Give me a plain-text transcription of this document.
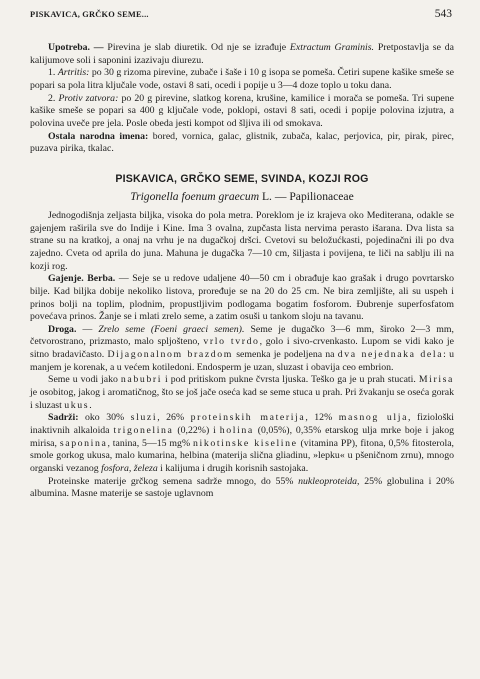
PISKAVICA, GRČKO SEME...	543

Upotreba. — Pirevina je slab diuretik. Od nje se izrađuje Extractum Graminis. Pretpostavlja se da kalijumove soli i saponini izazivaju diurezu.

1. Artritis: po 30 g rizoma pirevine, zubače i šaše i 10 g isopa se pomeša. Četiri supene kašike smeše se popari sa pola litra ključale vode, ostavi 8 sati, ocedi i popije u 3—4 doze toplo u toku dana.

2. Protiv zatvora: po 20 g pirevine, slatkog korena, krušine, kamilice i morača se pomeša. Tri supene kašike smeše se popari sa 400 g ključale vode, poklopi, ostavi 8 sati, ocedi i popije polovina izjutra, a polovina uveče pre jela. Posle obeda jesti kompot od šljiva ili od smokava.

Ostala narodna imena: bored, vornica, galac, glistnik, zubača, kalac, perjovica, pir, pirak, pirec, puzava pirika, tkalac.

PISKAVICA, GRČKO SEME, SVINDA, KOZJI ROG
Trigonella foenum graecum L. — Papilionaceae

Jednogodišnja zeljasta biljka, visoka do pola metra. Poreklom je iz krajeva oko Mediterana, odakle se gajenjem raširila sve do Indije i Kine. Ima 3 ovalna, zupčasta lista nervima perasto išarana. Dva lista sa strane su na kratkoj, a onaj na vrhu je na dugačkoj dršci. Cvetovi su beložućkasti, pojedinačni ili po dva zajedno. Cveta od aprila do juna. Mahuna je dugačka 7—10 cm, šiljasta i povijena, te liči na sablju ili na kozji rog.

Gajenje. Berba. — Seje se u redove udaljene 40—50 cm i obrađuje kao grašak i drugo povrtarsko bilje. Kad biljka dobije nekoliko listova, proređuje se na 20 do 25 cm. Ne bira zemljište, ali su uspeh i prinos bolji na toplim, plodnim, propustljivim podlogama bogatim fosforom. Đubrenje superfosfatom povećava prinos. Žanje se i mlati zrelo seme, a zatim osuši u tankom sloju na tavanu.

Droga. — Zrelo seme (Foeni graeci semen). Seme je dugačko 3—6 mm, široko 2—3 mm, četvorostrano, prizmasto, malo spljošteno, vrlo tvrdo, golo i sivo-crvenkasto. Lupom se vidi kako je sitno bradavičasto. Dijagonalnom brazdom semenka je podeljena na dva nejednaka dela: u manjem je korenak, a u većem kotiledoni. Endosperm je uzan, sluzast i obavija ceo embrion.

Seme u vodi jako nabubri i pod pritiskom pukne čvrsta ljuska. Teško ga je u prah stucati. Mirisa je osobitog, jakog i aromatičnog, što se još jače oseća kad se seme stuca u prah. Pri žvakanju se oseća gorak i sluzast ukus.

Sadrži: oko 30% sluzi, 26% proteinskih materija, 12% masnog ulja, fiziološki inaktivnih alkaloida trigonelina (0,22%) i holina (0,05%), 0,35% etarskog ulja mrke boje i jakog mirisa, saponina, tanina, 5—15 mg% nikotinske kiseline (vitamina PP), fitona, 0,5% fitosterola, smole gorkog ukusa, malo kumarina, helbina (materija slična gliadinu, »lepku« u pšeničnom zrnu), mnogo organski vezanog fosfora, železa i kalijuma i drugih korisnih sastojaka.

Proteinske materije grčkog semena sadrže mnogo, do 55% nukleoproteida, 25% globulina i 20% albumina. Masne materije se sastoje uglavnom
